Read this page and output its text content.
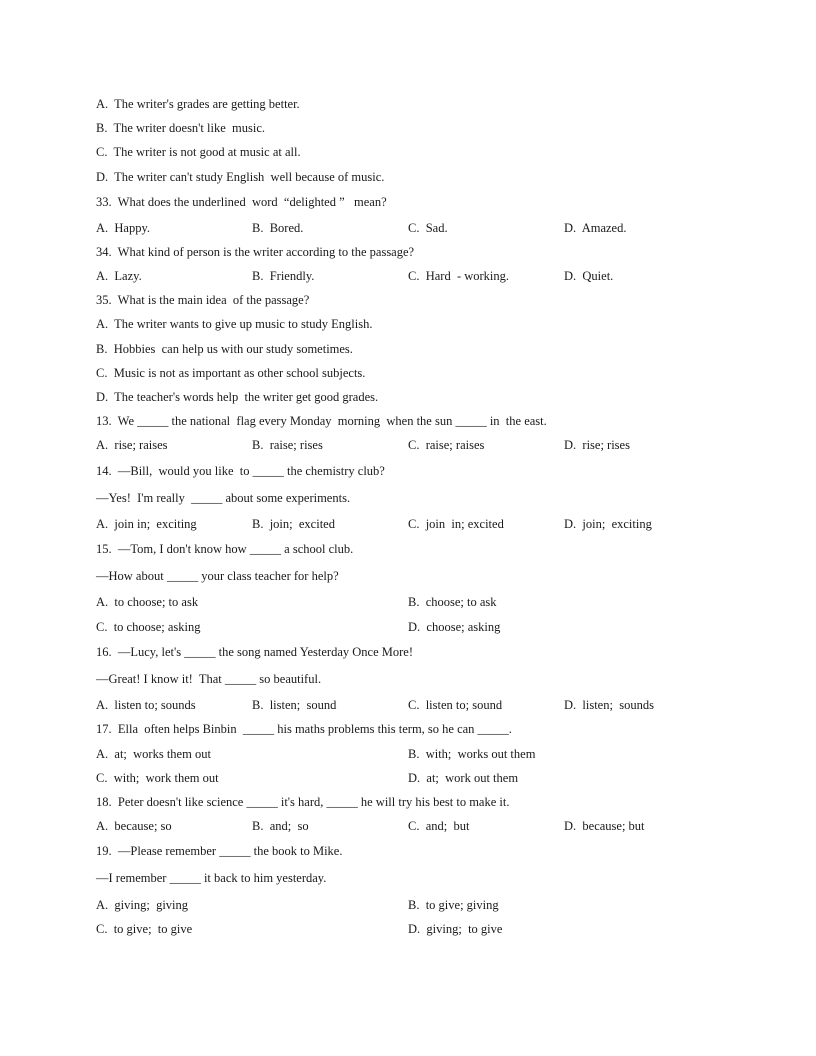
A.  The writer's grades are getting better.
B.  The writer doesn't like  music.
C.  The writer is not good at music at all.
D.  The writer can't study English  well because of music.
33.  What does the underlined  word  “delighted ”   mean?
A.  Happy.	B.  Bored.	C.  Sad.	D.  Amazed.
34.  What kind of person is the writer according to the passage?
A.  Lazy.	B.  Friendly.	C.  Hard  - working.	D.  Quiet.
35.  What is the main idea  of the passage?
A.  The writer wants to give up music to study English.
B.  Hobbies  can help us with our study sometimes.
C.  Music is not as important as other school subjects.
D.  The teacher's words help  the writer get good grades.
13.  We _____ the national  flag every Monday  morning  when the sun _____ in  the east.
A.  rise; raises	B.  raise; rises	C.  raise; raises	D.  rise; rises
14.  —Bill,  would you like  to _____ the chemistry club?
—Yes!  I'm really  _____ about some experiments.
A.  join in;  exciting	B.  join;  excited	C.  join  in; excited	D.  join;  exciting
15.  —Tom, I don't know how _____ a school club.
—How about _____ your class teacher for help?
A.  to choose; to ask	B.  choose; to ask
C.  to choose; asking	D.  choose; asking
16.  —Lucy, let's _____ the song named Yesterday Once More!
—Great! I know it!  That _____ so beautiful.
A.  listen to; sounds	B.  listen;  sound	C.  listen to; sound	D.  listen;  sounds
17.  Ella  often helps Binbin  _____ his maths problems this term, so he can _____.
A.  at;  works them out	B.  with;  works out them
C.  with;  work them out	D.  at;  work out them
18.  Peter doesn't like science _____ it's hard, _____ he will try his best to make it.
A.  because; so	B.  and;  so	C.  and;  but	D.  because; but
19.  —Please remember _____ the book to Mike.
—I remember _____ it back to him yesterday.
A.  giving;  giving	B.  to give; giving
C.  to give;  to give	D.  giving;  to give
